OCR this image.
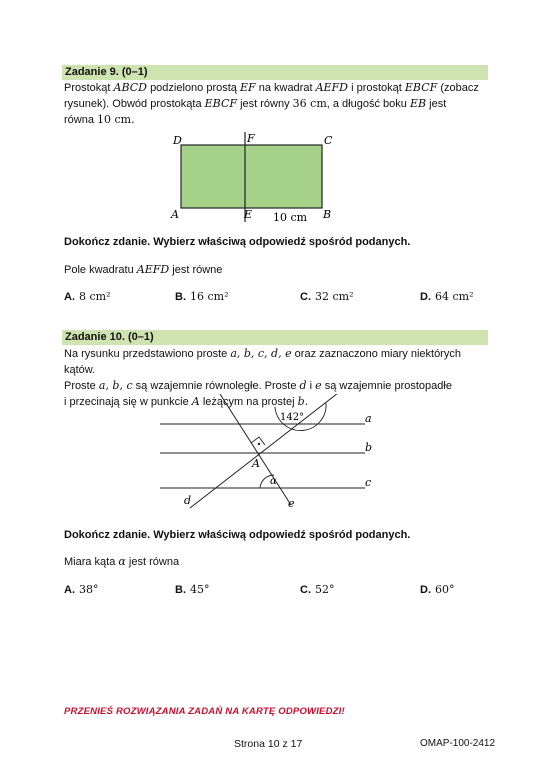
Zadanie 9. (0–1)
Prostokąt ABCD podzielono prostą EF na kwadrat AEFD i prostokąt EBCF (zobacz
rysunek). Obwód prostokąta EBCF jest równy 36 cm, a długość boku EB jest
równa 10 cm.
D	F	C
A	E	B
10 cm
Dokończ zdanie. Wybierz właściwą odpowiedź spośród podanych.
Pole kwadratu AEFD jest równe
A. 8 cm²	B. 16 cm²	C. 32 cm²	D. 64 cm²
Zadanie 10. (0–1)
Na rysunku przedstawiono proste a, b, c, d, e oraz zaznaczono miary niektórych kątów.
Proste a, b, c są wzajemnie równoległe. Proste d i e są wzajemnie prostopadłe
i przecinają się w punkcie A leżącym na prostej b.
142°
α
a
b
c
d	e
A
Dokończ zdanie. Wybierz właściwą odpowiedź spośród podanych.
Miara kąta α jest równa
A. 38°	B. 45°	C. 52°	D. 60°
PRZENIEŚ ROZWIĄZANIA ZADAŃ NA KARTĘ ODPOWIEDZI!
Strona 10 z 17	OMAP-100-2412
